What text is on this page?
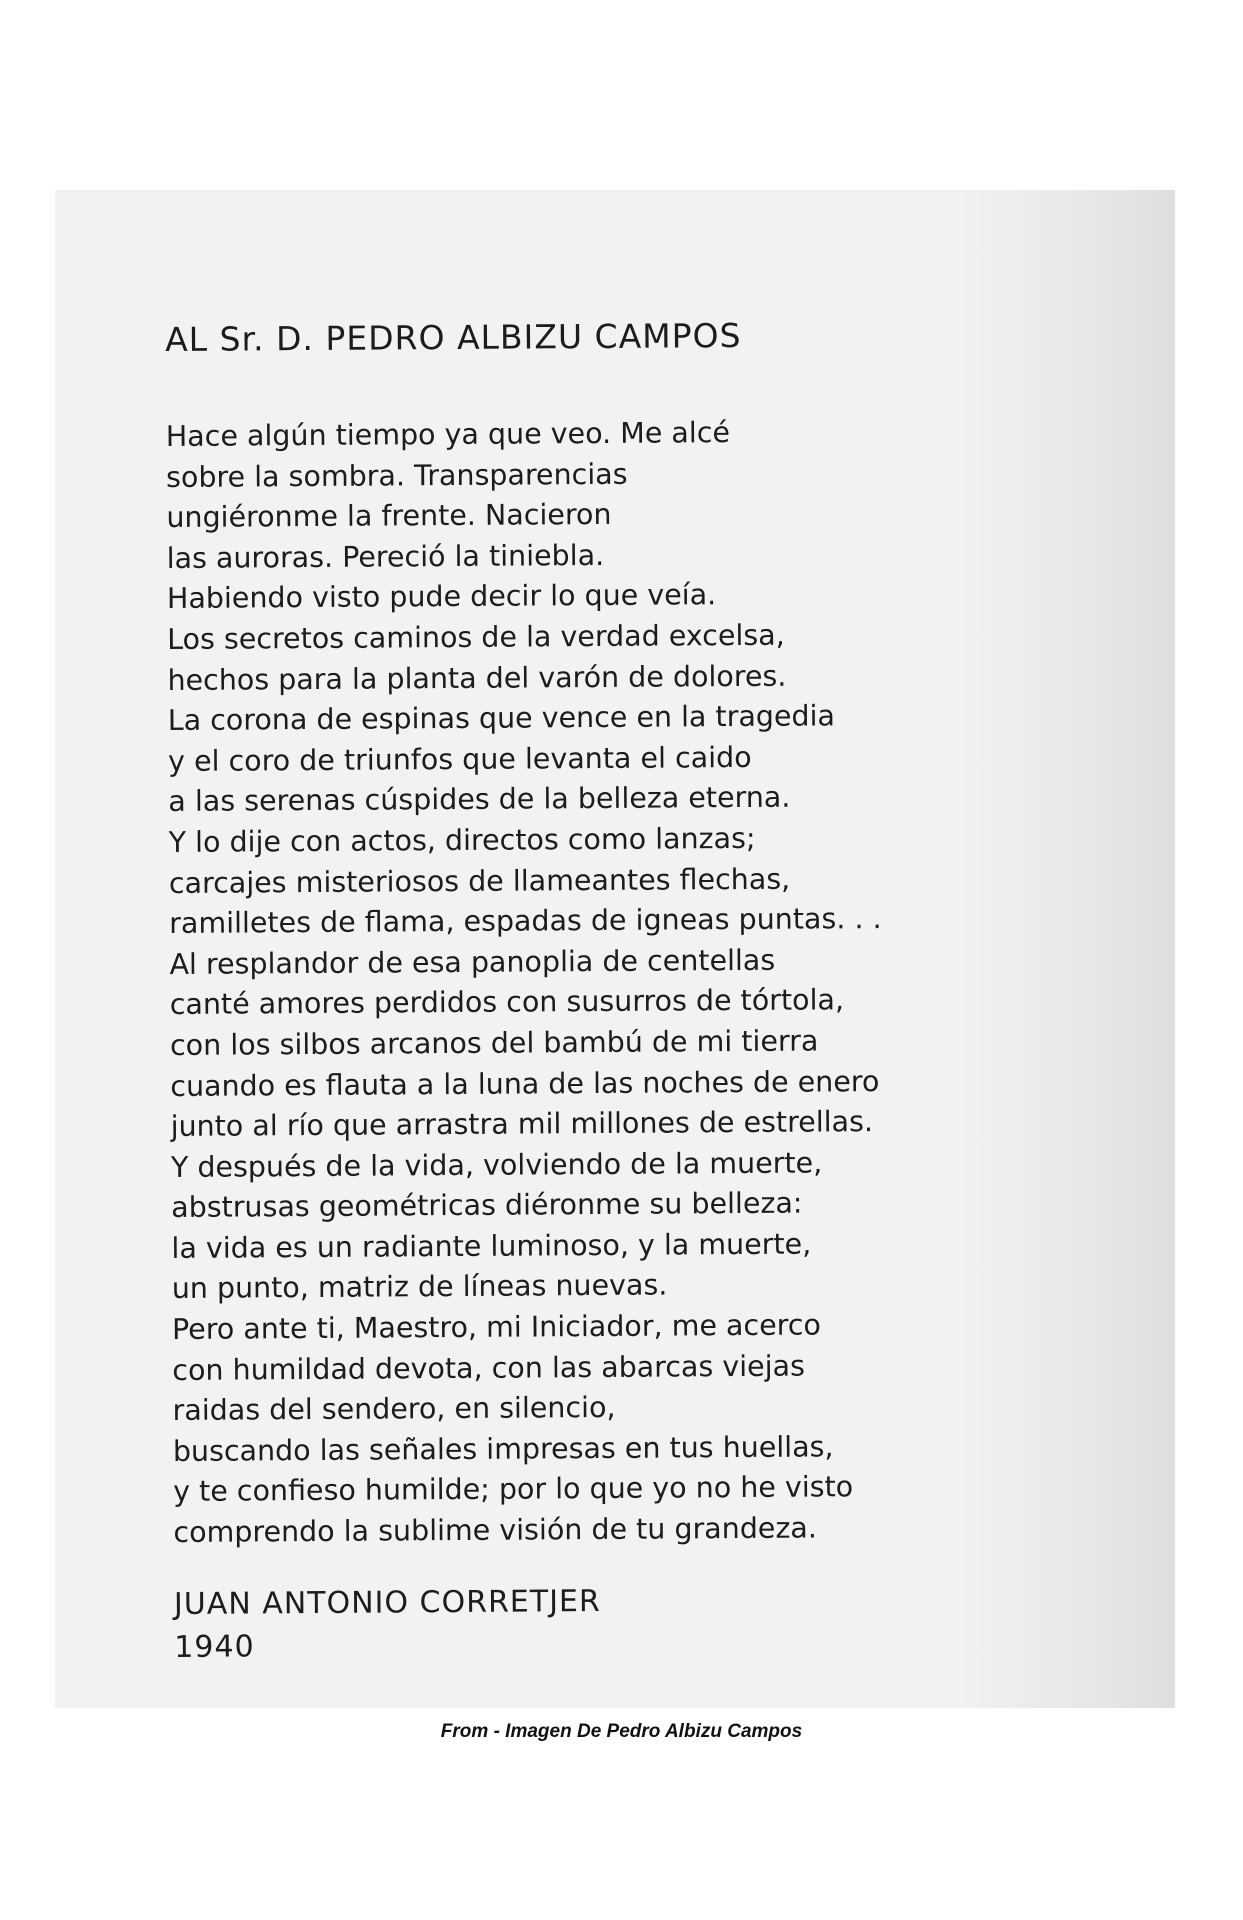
AL Sr. D. PEDRO ALBIZU CAMPOS
Hace algún tiempo ya que veo. Me alcé
sobre la sombra. Transparencias
ungiéronme la frente. Nacieron
las auroras. Pereció la tiniebla.
Habiendo visto pude decir lo que veía.
Los secretos caminos de la verdad excelsa,
hechos para la planta del varón de dolores.
La corona de espinas que vence en la tragedia
y el coro de triunfos que levanta el caido
a las serenas cúspides de la belleza eterna.
Y lo dije con actos, directos como lanzas;
carcajes misteriosos de llameantes flechas,
ramilletes de flama, espadas de igneas puntas. . .
Al resplandor de esa panoplia de centellas
canté amores perdidos con susurros de tórtola,
con los silbos arcanos del bambú de mi tierra
cuando es flauta a la luna de las noches de enero
junto al río que arrastra mil millones de estrellas.
Y después de la vida, volviendo de la muerte,
abstrusas geométricas diéronme su belleza:
la vida es un radiante luminoso, y la muerte,
un punto, matriz de líneas nuevas.
Pero ante ti, Maestro, mi Iniciador, me acerco
con humildad devota, con las abarcas viejas
raidas del sendero, en silencio,
buscando las señales impresas en tus huellas,
y te confieso humilde; por lo que yo no he visto
comprendo la sublime visión de tu grandeza.
JUAN ANTONIO CORRETJER
1940
From - Imagen De Pedro Albizu Campos
